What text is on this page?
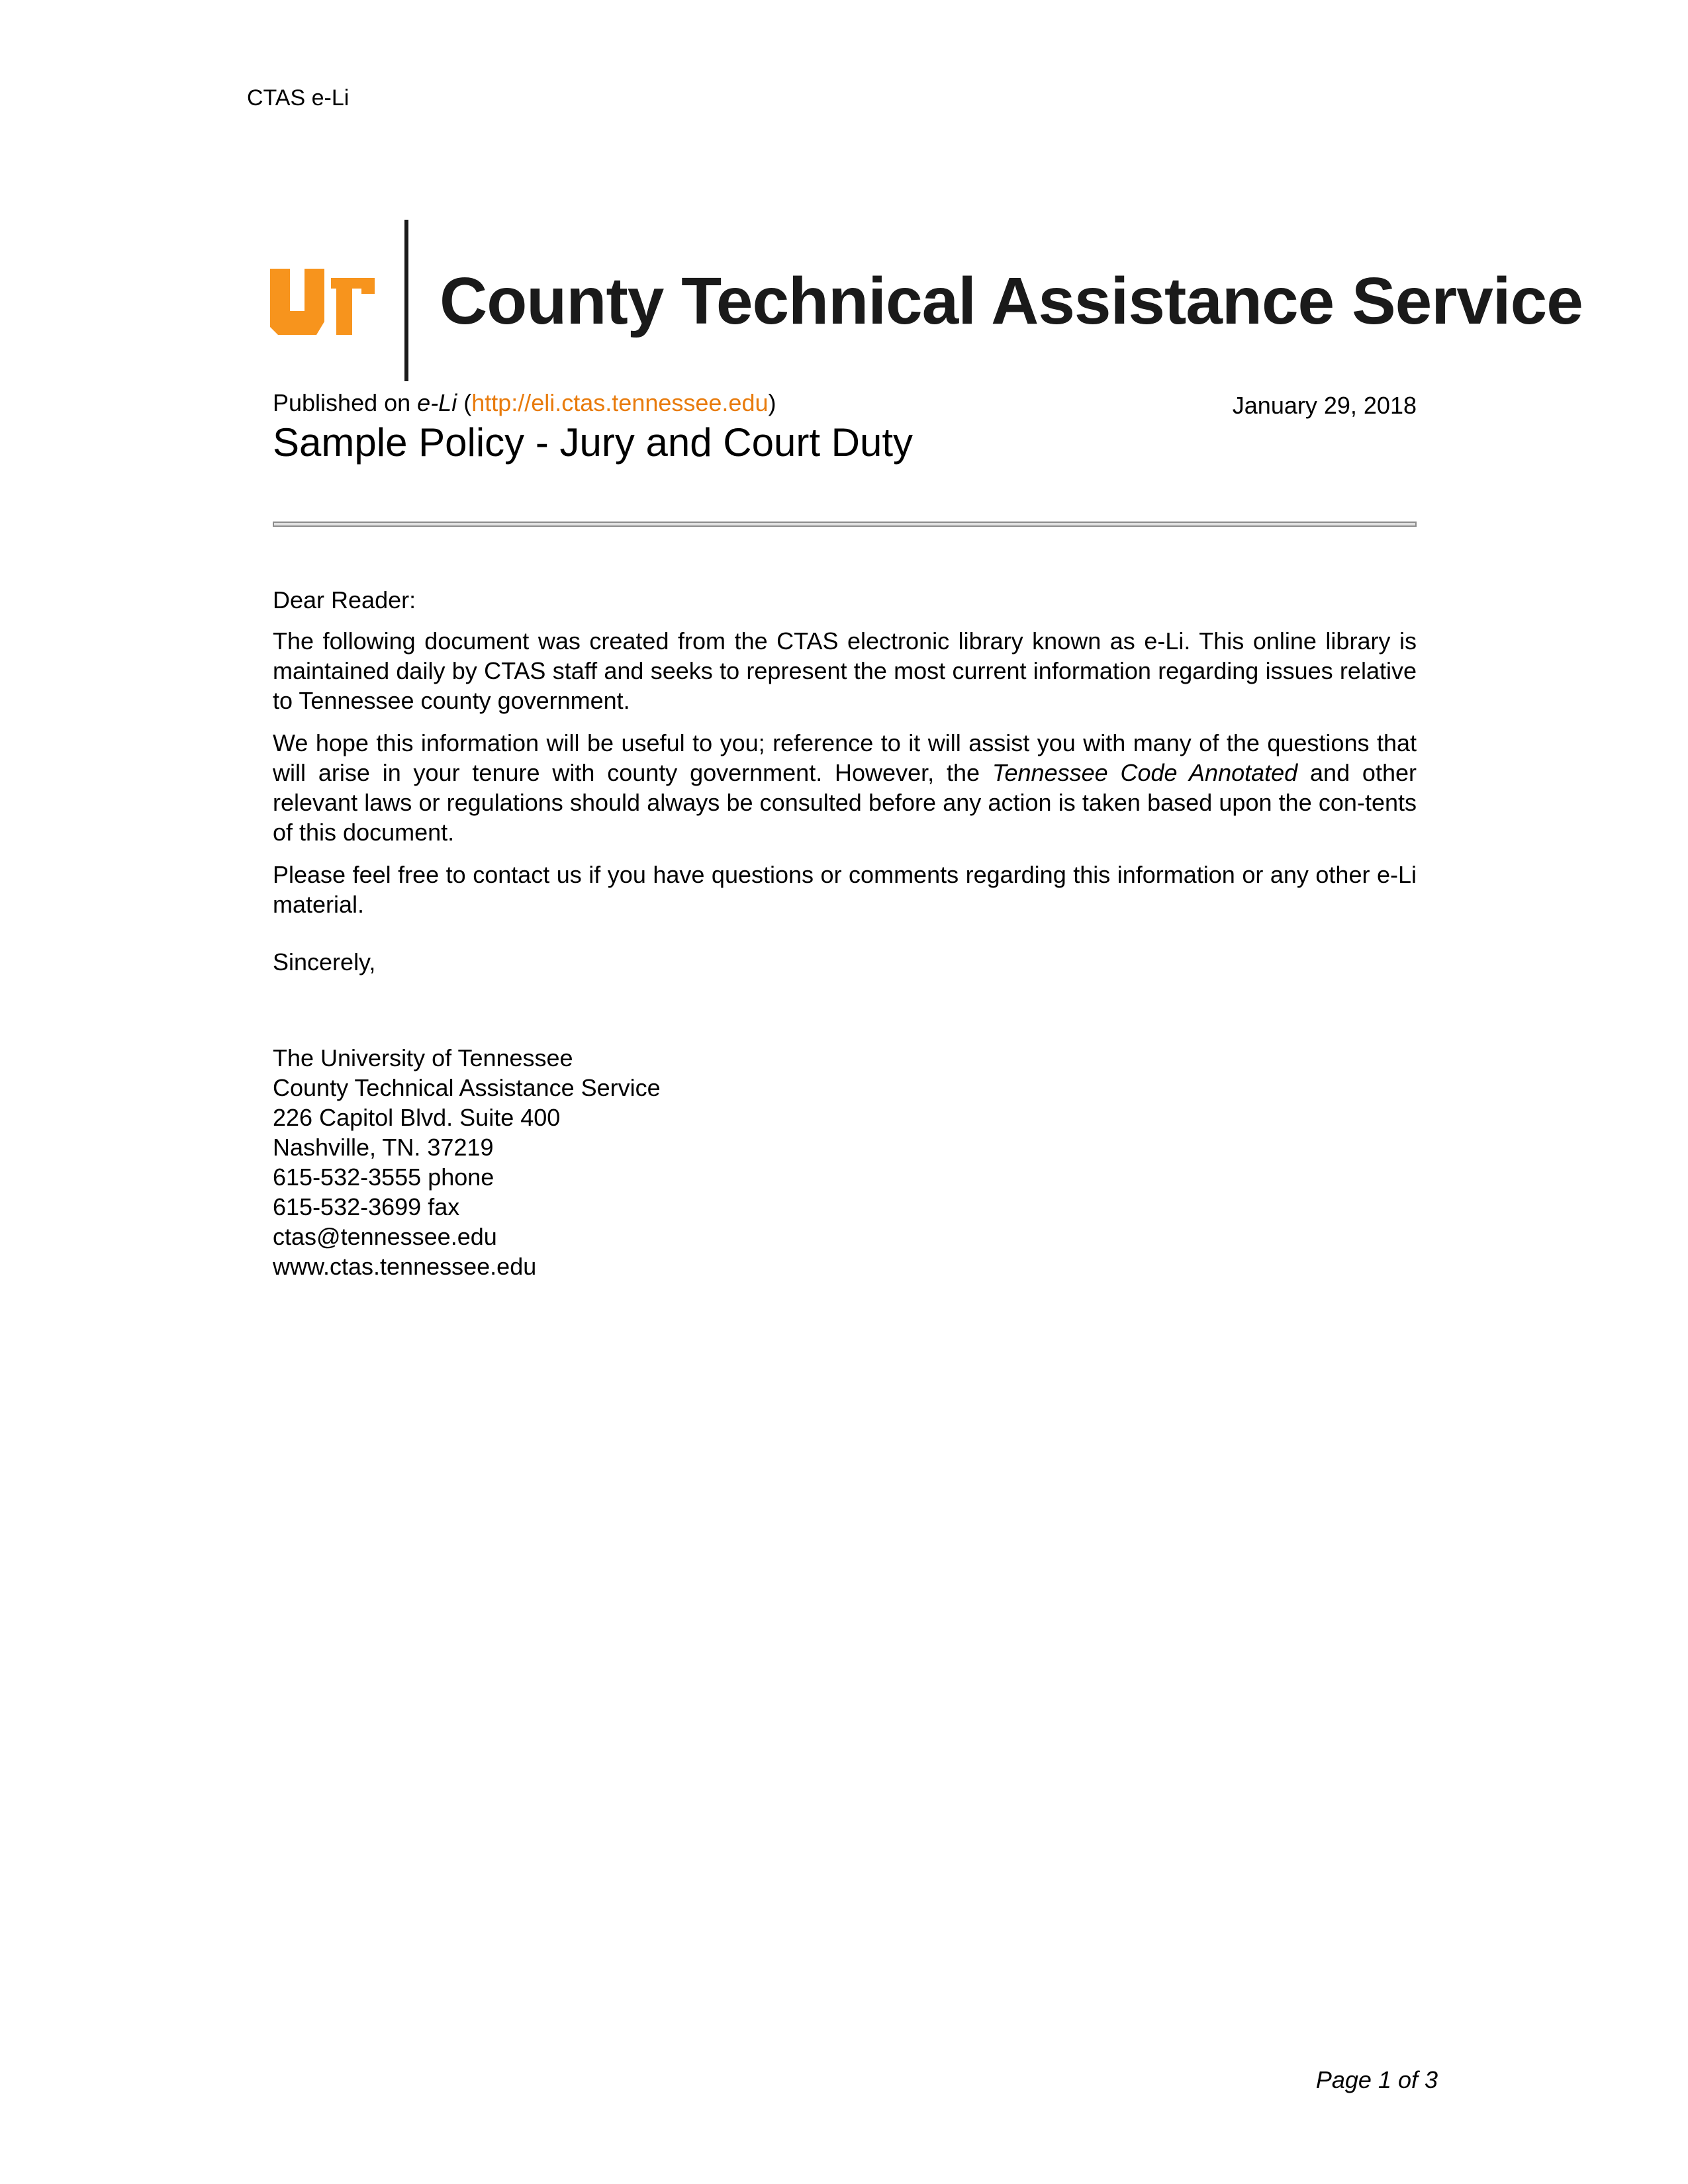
CTAS e-Li
County Technical Assistance Service
Published on e-Li (http://eli.ctas.tennessee.edu)	January 29, 2018
Sample Policy - Jury and Court Duty

Dear Reader:

The following document was created from the CTAS electronic library known as e-Li. This online library is maintained daily by CTAS staff and seeks to represent the most current information regarding issues relative to Tennessee county government.

We hope this information will be useful to you; reference to it will assist you with many of the questions that will arise in your tenure with county government. However, the Tennessee Code Annotated and other relevant laws or regulations should always be consulted before any action is taken based upon the con-tents of this document.

Please feel free to contact us if you have questions or comments regarding this information or any other e-Li material.

Sincerely,

The University of Tennessee
County Technical Assistance Service
226 Capitol Blvd. Suite 400
Nashville, TN. 37219
615-532-3555 phone
615-532-3699 fax
ctas@tennessee.edu
www.ctas.tennessee.edu
Page 1 of 3
